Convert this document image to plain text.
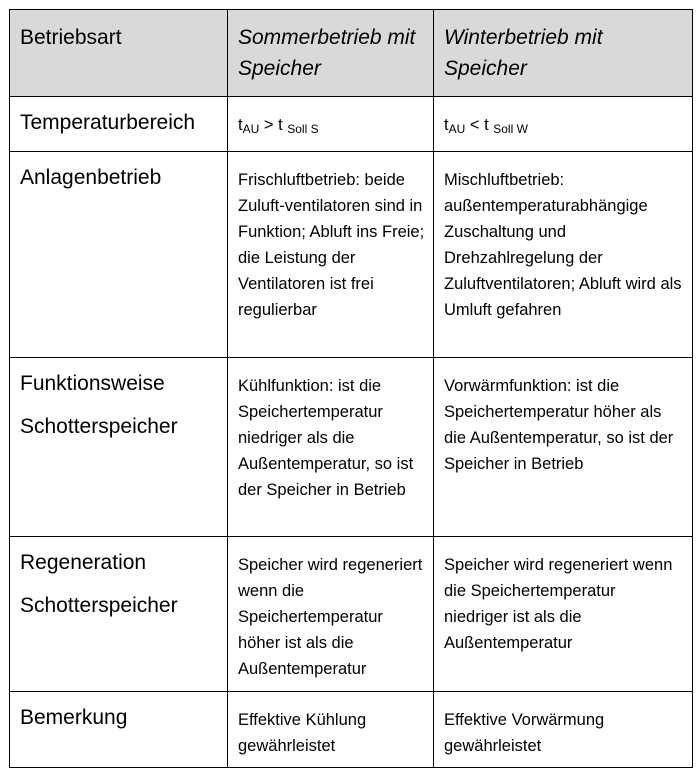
Betriebsart	Sommerbetrieb mit Speicher	Winterbetrieb mit Speicher

Temperaturbereich	$t_{AU} > t$ $_{Soll S}$	$t_{AU} < t$ $_{Soll W}$

Anlagenbetrieb	Frischluftbetrieb: beide Zuluft-ventilatoren sind in Funktion; Abluft ins Freie; die Leistung der Ventilatoren ist frei regulierbar	Mischluftbetrieb: außentemperaturabhängige Zuschaltung und Drehzahlregelung der Zuluftventilatoren; Abluft wird als Umluft gefahren

Funktionsweise Schotterspeicher	Kühlfunktion: ist die Speichertemperatur niedriger als die Außentemperatur, so ist der Speicher in Betrieb	Vorwärmfunktion: ist die Speichertemperatur höher als die Außentemperatur, so ist der Speicher in Betrieb

Regeneration Schotterspeicher	Speicher wird regeneriert wenn die Speichertemperatur höher ist als die Außentemperatur	Speicher wird regeneriert wenn die Speichertemperatur niedriger ist als die Außentemperatur

Bemerkung	Effektive Kühlung gewährleistet	Effektive Vorwärmung gewährleistet
